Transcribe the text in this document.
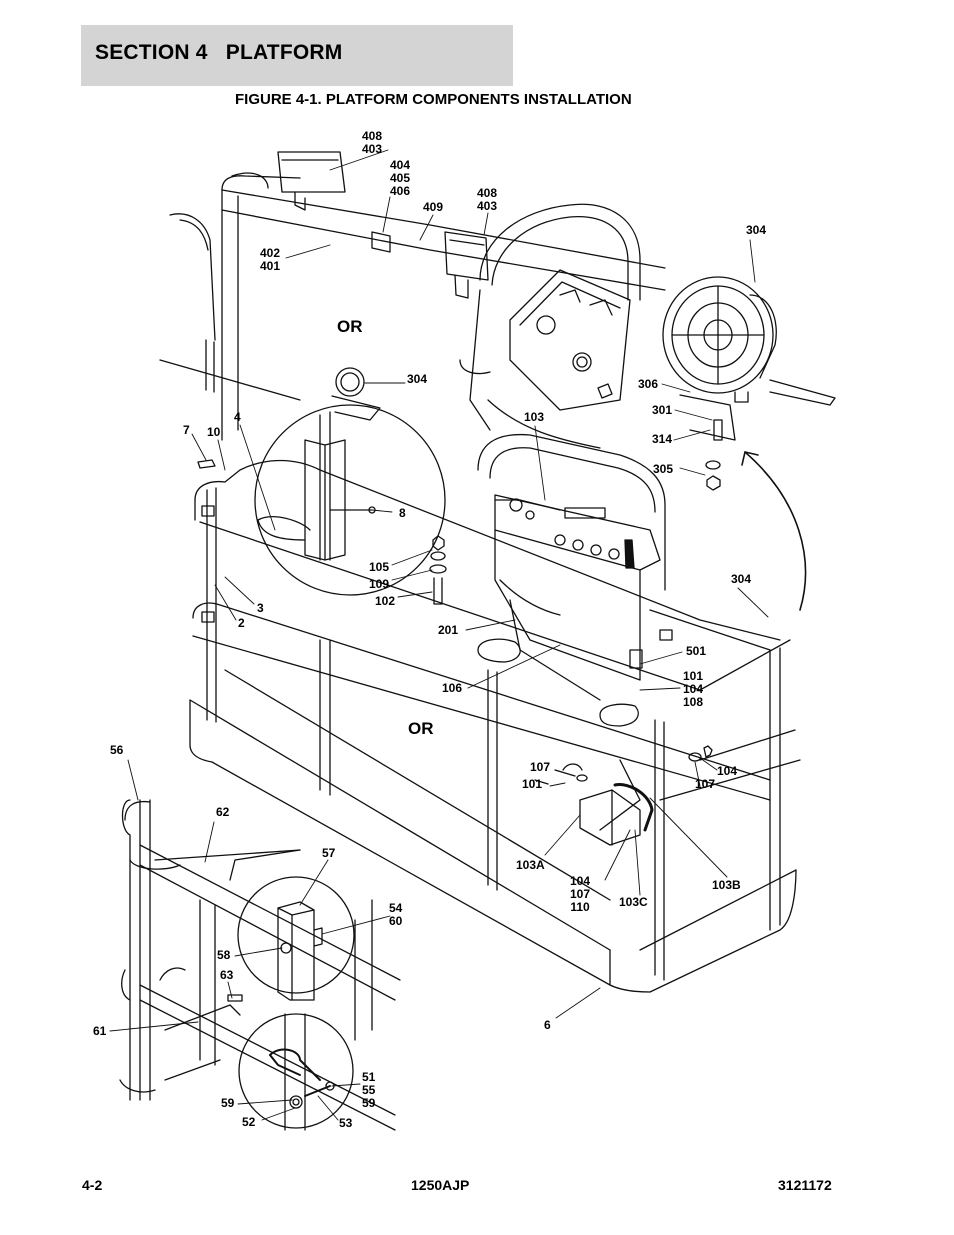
SECTION 4   PLATFORM
FIGURE 4-1. PLATFORM COMPONENTS INSTALLATION
408
403
404
405
406
409
408
403
402
401
304
304
306
301
314
305
103
7 10
4
8
105
109
102
3
2
304
201
501
101
104
108
106
56
107
101
104
107
62
57
103A
104
107
110 103C
103B
54
60
58
63
61	6
51
55
59
59
52	53
OR
OR
4-2	1250AJP	3121172
